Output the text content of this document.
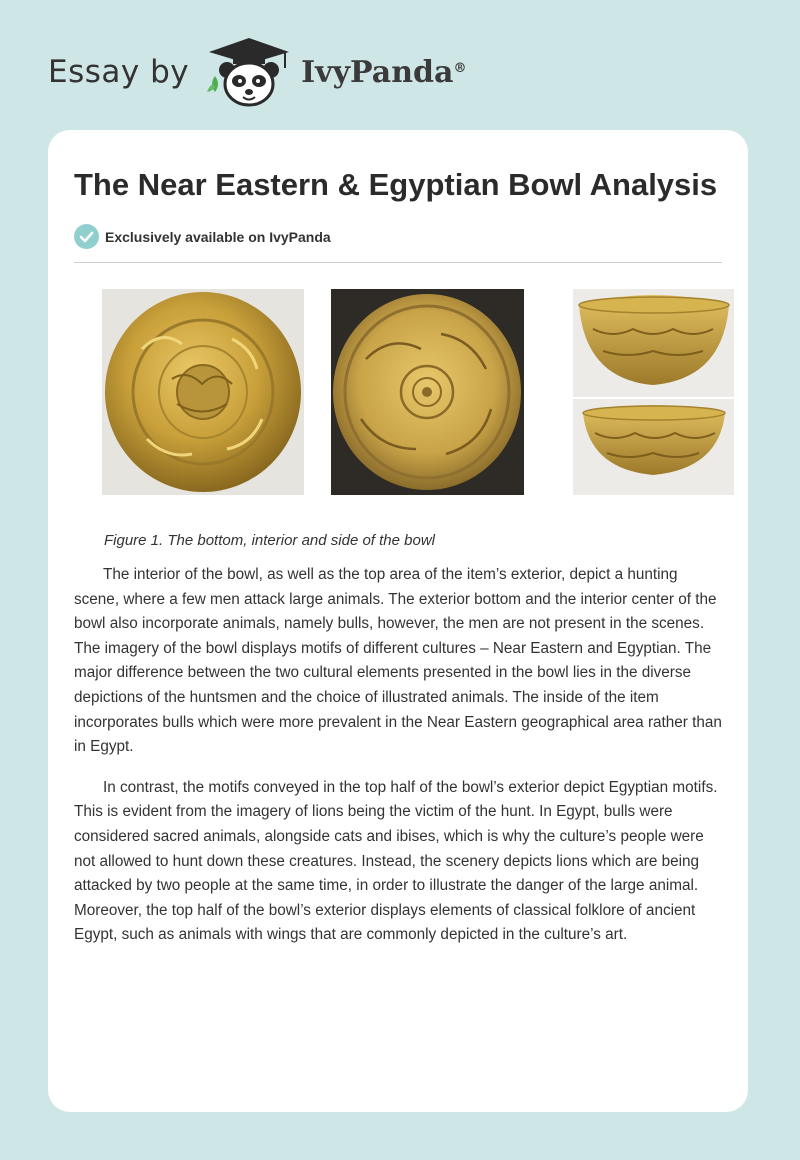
Essay by	IvyPanda®
The Near Eastern & Egyptian Bowl Analysis
Exclusively available on IvyPanda

Figure 1. The bottom, interior and side of the bowl

The interior of the bowl, as well as the top area of the item’s exterior, depict a hunting scene, where a few men attack large animals. The exterior bottom and the interior center of the bowl also incorporate animals, namely bulls, however, the men are not present in the scenes. The imagery of the bowl displays motifs of different cultures – Near Eastern and Egyptian. The major difference between the two cultural elements presented in the bowl lies in the diverse depictions of the huntsmen and the choice of illustrated animals. The inside of the item incorporates bulls which were more prevalent in the Near Eastern geographical area rather than in Egypt.

In contrast, the motifs conveyed in the top half of the bowl’s exterior depict Egyptian motifs. This is evident from the imagery of lions being the victim of the hunt. In Egypt, bulls were considered sacred animals, alongside cats and ibises, which is why the culture’s people were not allowed to hunt down these creatures. Instead, the scenery depicts lions which are being attacked by two people at the same time, in order to illustrate the danger of the large animal. Moreover, the top half of the bowl’s exterior displays elements of classical folklore of ancient Egypt, such as animals with wings that are commonly depicted in the culture’s art.
